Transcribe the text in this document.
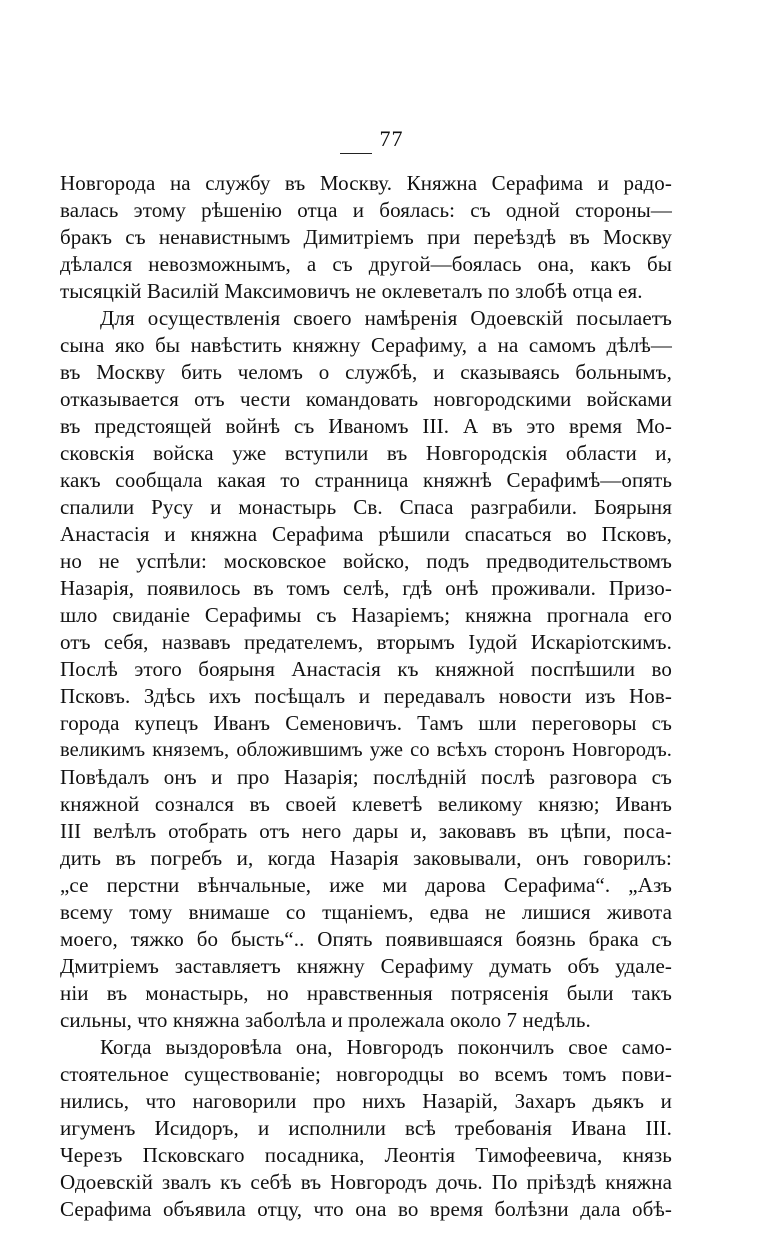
77
Новгорода на службу въ Москву. Княжна Серафима и радо-
валась этому рѣшенію отца и боялась: съ одной стороны—
бракъ съ ненавистнымъ Димитріемъ при переѣздѣ въ Москву
дѣлался невозможнымъ, а съ другой—боялась она, какъ бы
тысяцкій Василій Максимовичъ не оклеветалъ по злобѣ отца ея.
Для осуществленія своего намѣренія Одоевскій посылаетъ
сына яко бы навѣстить княжну Серафиму, а на самомъ дѣлѣ—
въ Москву бить челомъ о службѣ, и сказываясь больнымъ,
отказывается отъ чести командовать новгородскими войсками
въ предстоящей войнѣ съ Иваномъ III. А въ это время Мо-
сковскія войска уже вступили въ Новгородскія области и,
какъ сообщала какая то странница княжнѣ Серафимѣ—опять
спалили Русу и монастырь Св. Спаса разграбили. Боярыня
Анастасія и княжна Серафима рѣшили спасаться во Псковъ,
но не успѣли: московское войско, подъ предводительствомъ
Назарія, появилось въ томъ селѣ, гдѣ онѣ проживали. Призо-
шло свиданіе Серафимы съ Назаріемъ; княжна прогнала его
отъ себя, назвавъ предателемъ, вторымъ Іудой Искаріотскимъ.
Послѣ этого боярыня Анастасія къ княжной поспѣшили во
Псковъ. Здѣсь ихъ посѣщалъ и передавалъ новости изъ Нов-
города купецъ Иванъ Семеновичъ. Тамъ шли переговоры съ
великимъ княземъ, обложившимъ уже со всѣхъ сторонъ Новгородъ.
Повѣдалъ онъ и про Назарія; послѣдній послѣ разговора съ
княжной сознался въ своей клеветѣ великому князю; Иванъ
III велѣлъ отобрать отъ него дары и, заковавъ въ цѣпи, поса-
дить въ погребъ и, когда Назарія заковывали, онъ говорилъ:
„се перстни вѣнчальные, иже ми дарова Серафима“. „Азъ
всему тому внимаше со тщаніемъ, едва не лишися живота
моего, тяжко бо бысть“.. Опять появившаяся боязнь брака съ
Дмитріемъ заставляетъ княжну Серафиму думать объ удале-
ніи въ монастырь, но нравственныя потрясенія были такъ
сильны, что княжна заболѣла и пролежала около 7 недѣль.
Когда выздоровѣла она, Новгородъ покончилъ свое само-
стоятельное существованіе; новгородцы во всемъ томъ пови-
нились, что наговорили про нихъ Назарій, Захаръ дьякъ и
игуменъ Исидоръ, и исполнили всѣ требованія Ивана III.
Черезъ Псковскаго посадника, Леонтія Тимофеевича, князь
Одоевскій звалъ къ себѣ въ Новгородъ дочь. По пріѣздѣ княжна
Серафима объявила отцу, что она во время болѣзни дала обѣ-
